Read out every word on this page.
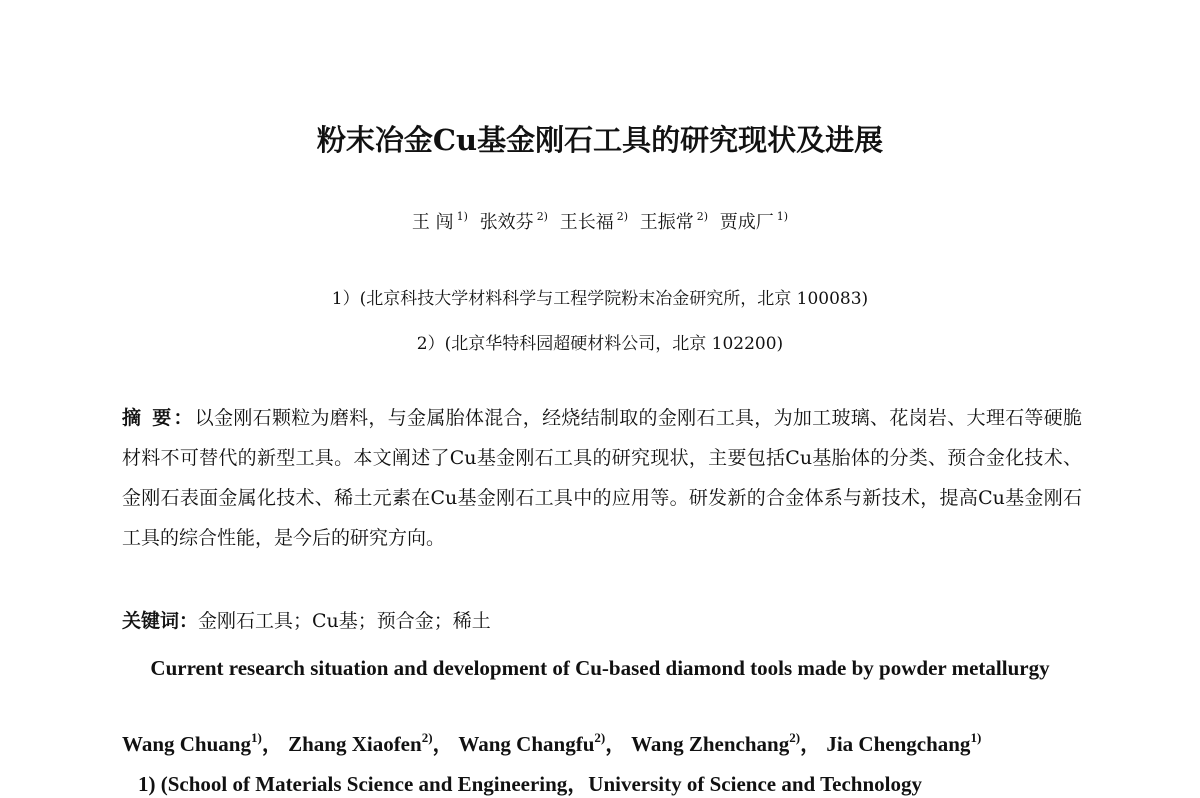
粉末冶金Cu基金刚石工具的研究现状及进展
王 闯 $^{1)}$ 张效芬 $^{2)}$ 王长福 $^{2)}$ 王振常 $^{2)}$ 贾成厂 $^{1)}$
1）(北京科技大学材料科学与工程学院粉末冶金研究所，北京 100083)
2）(北京华特科园超硬材料公司，北京 102200)
摘 要：以金刚石颗粒为磨料，与金属胎体混合，经烧结制取的金刚石工具，为加工玻璃、花岗岩、大理石等硬脆材料不可替代的新型工具。本文阐述了Cu基金刚石工具的研究现状，主要包括Cu基胎体的分类、预合金化技术、金刚石表面金属化技术、稀土元素在Cu基金刚石工具中的应用等。研发新的合金体系与新技术，提高Cu基金刚石工具的综合性能，是今后的研究方向。
关键词：金刚石工具；Cu基；预合金；稀土
Current research situation and development of Cu-based diamond tools made by powder metallurgy
Wang Chuang$^{1)}$， Zhang Xiaofen$^{2)}$， Wang Changfu$^{2)}$， Wang Zhenchang$^{2)}$， Jia Chengchang$^{1)}$
1) (School of Materials Science and Engineering，University of Science and Technology
